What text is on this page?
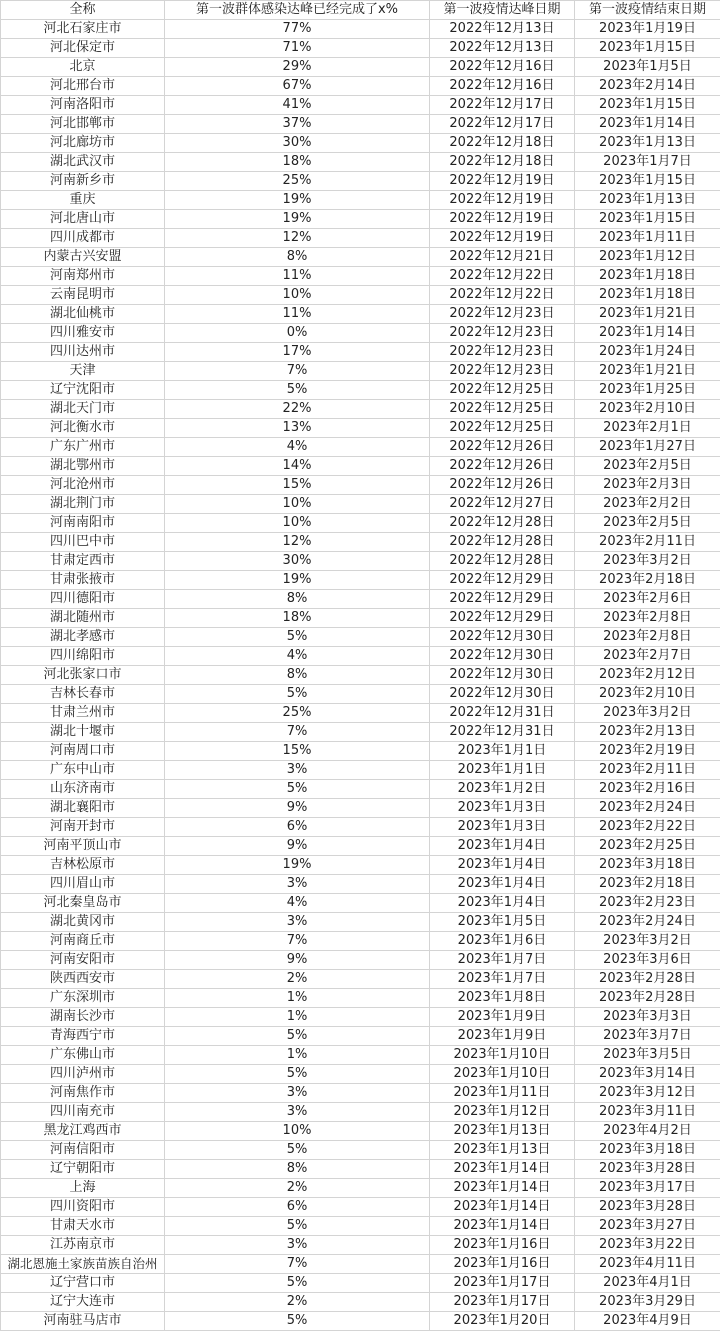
全称	第一波群体感染达峰已经完成了x%	第一波疫情达峰日期	第一波疫情结束日期
河北石家庄市	77%	2022年12月13日	2023年1月19日
河北保定市	71%	2022年12月13日	2023年1月15日
北京	29%	2022年12月16日	2023年1月5日
河北邢台市	67%	2022年12月16日	2023年2月14日
河南洛阳市	41%	2022年12月17日	2023年1月15日
河北邯郸市	37%	2022年12月17日	2023年1月14日
河北廊坊市	30%	2022年12月18日	2023年1月13日
湖北武汉市	18%	2022年12月18日	2023年1月7日
河南新乡市	25%	2022年12月19日	2023年1月15日
重庆	19%	2022年12月19日	2023年1月13日
河北唐山市	19%	2022年12月19日	2023年1月15日
四川成都市	12%	2022年12月19日	2023年1月11日
内蒙古兴安盟	8%	2022年12月21日	2023年1月12日
河南郑州市	11%	2022年12月22日	2023年1月18日
云南昆明市	10%	2022年12月22日	2023年1月18日
湖北仙桃市	11%	2022年12月23日	2023年1月21日
四川雅安市	0%	2022年12月23日	2023年1月14日
四川达州市	17%	2022年12月23日	2023年1月24日
天津	7%	2022年12月23日	2023年1月21日
辽宁沈阳市	5%	2022年12月25日	2023年1月25日
湖北天门市	22%	2022年12月25日	2023年2月10日
河北衡水市	13%	2022年12月25日	2023年2月1日
广东广州市	4%	2022年12月26日	2023年1月27日
湖北鄂州市	14%	2022年12月26日	2023年2月5日
河北沧州市	15%	2022年12月26日	2023年2月3日
湖北荆门市	10%	2022年12月27日	2023年2月2日
河南南阳市	10%	2022年12月28日	2023年2月5日
四川巴中市	12%	2022年12月28日	2023年2月11日
甘肃定西市	30%	2022年12月28日	2023年3月2日
甘肃张掖市	19%	2022年12月29日	2023年2月18日
四川德阳市	8%	2022年12月29日	2023年2月6日
湖北随州市	18%	2022年12月29日	2023年2月8日
湖北孝感市	5%	2022年12月30日	2023年2月8日
四川绵阳市	4%	2022年12月30日	2023年2月7日
河北张家口市	8%	2022年12月30日	2023年2月12日
吉林长春市	5%	2022年12月30日	2023年2月10日
甘肃兰州市	25%	2022年12月31日	2023年3月2日
湖北十堰市	7%	2022年12月31日	2023年2月13日
河南周口市	15%	2023年1月1日	2023年2月19日
广东中山市	3%	2023年1月1日	2023年2月11日
山东济南市	5%	2023年1月2日	2023年2月16日
湖北襄阳市	9%	2023年1月3日	2023年2月24日
河南开封市	6%	2023年1月3日	2023年2月22日
河南平顶山市	9%	2023年1月4日	2023年2月25日
吉林松原市	19%	2023年1月4日	2023年3月18日
四川眉山市	3%	2023年1月4日	2023年2月18日
河北秦皇岛市	4%	2023年1月4日	2023年2月23日
湖北黄冈市	3%	2023年1月5日	2023年2月24日
河南商丘市	7%	2023年1月6日	2023年3月2日
河南安阳市	9%	2023年1月7日	2023年3月6日
陕西西安市	2%	2023年1月7日	2023年2月28日
广东深圳市	1%	2023年1月8日	2023年2月28日
湖南长沙市	1%	2023年1月9日	2023年3月3日
青海西宁市	5%	2023年1月9日	2023年3月7日
广东佛山市	1%	2023年1月10日	2023年3月5日
四川泸州市	5%	2023年1月10日	2023年3月14日
河南焦作市	3%	2023年1月11日	2023年3月12日
四川南充市	3%	2023年1月12日	2023年3月11日
黑龙江鸡西市	10%	2023年1月13日	2023年4月2日
河南信阳市	5%	2023年1月13日	2023年3月18日
辽宁朝阳市	8%	2023年1月14日	2023年3月28日
上海	2%	2023年1月14日	2023年3月17日
四川资阳市	6%	2023年1月14日	2023年3月28日
甘肃天水市	5%	2023年1月14日	2023年3月27日
江苏南京市	3%	2023年1月16日	2023年3月22日
湖北恩施土家族苗族自治州	7%	2023年1月16日	2023年4月11日
辽宁营口市	5%	2023年1月17日	2023年4月1日
辽宁大连市	2%	2023年1月17日	2023年3月29日
河南驻马店市	5%	2023年1月20日	2023年4月9日
